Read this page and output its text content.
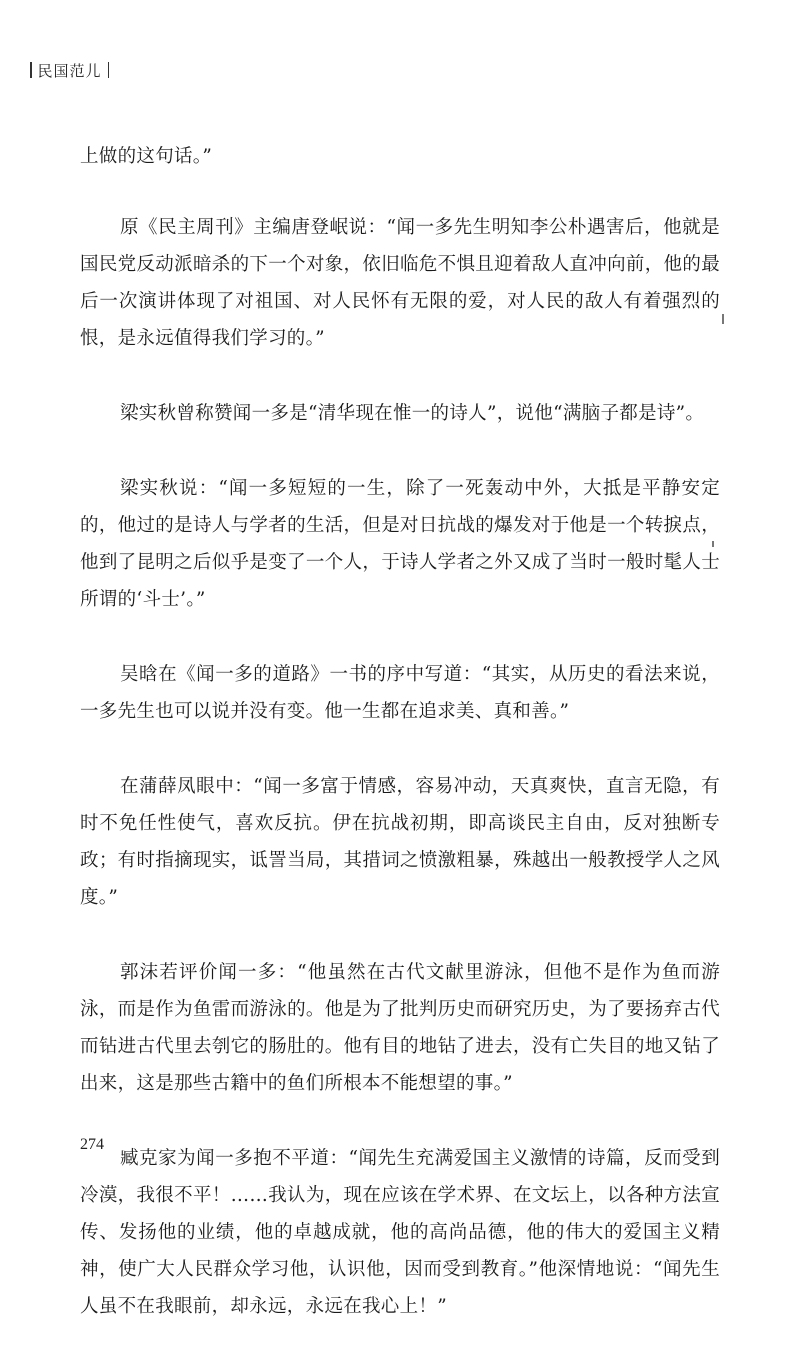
民国范儿

上做的这句话。”

原《民主周刊》主编唐登岷说：“闻一多先生明知李公朴遇害后，他就是国民党反动派暗杀的下一个对象，依旧临危不惧且迎着敌人直冲向前，他的最后一次演讲体现了对祖国、对人民怀有无限的爱，对人民的敌人有着强烈的恨，是永远值得我们学习的。”

梁实秋曾称赞闻一多是“清华现在惟一的诗人”，说他“满脑子都是诗”。

梁实秋说：“闻一多短短的一生，除了一死轰动中外，大抵是平静安定的，他过的是诗人与学者的生活，但是对日抗战的爆发对于他是一个转捩点，他到了昆明之后似乎是变了一个人，于诗人学者之外又成了当时一般时髦人士所谓的‘斗士’。”

吴晗在《闻一多的道路》一书的序中写道：“其实，从历史的看法来说，一多先生也可以说并没有变。他一生都在追求美、真和善。”

在蒲薛凤眼中：“闻一多富于情感，容易冲动，天真爽快，直言无隐，有时不免任性使气，喜欢反抗。伊在抗战初期，即高谈民主自由，反对独断专政；有时指摘现实，诋詈当局，其措词之愤激粗暴，殊越出一般教授学人之风度。”

郭沫若评价闻一多：“他虽然在古代文献里游泳，但他不是作为鱼而游泳，而是作为鱼雷而游泳的。他是为了批判历史而研究历史，为了要扬弃古代而钻进古代里去刳它的肠肚的。他有目的地钻了进去，没有亡失目的地又钻了出来，这是那些古籍中的鱼们所根本不能想望的事。”

臧克家为闻一多抱不平道：“闻先生充满爱国主义激情的诗篇，反而受到冷漠，我很不平！……我认为，现在应该在学术界、在文坛上，以各种方法宣传、发扬他的业绩，他的卓越成就，他的高尚品德，他的伟大的爱国主义精神，使广大人民群众学习他，认识他，因而受到教育。”他深情地说：“闻先生人虽不在我眼前，却永远，永远在我心上！”

274
